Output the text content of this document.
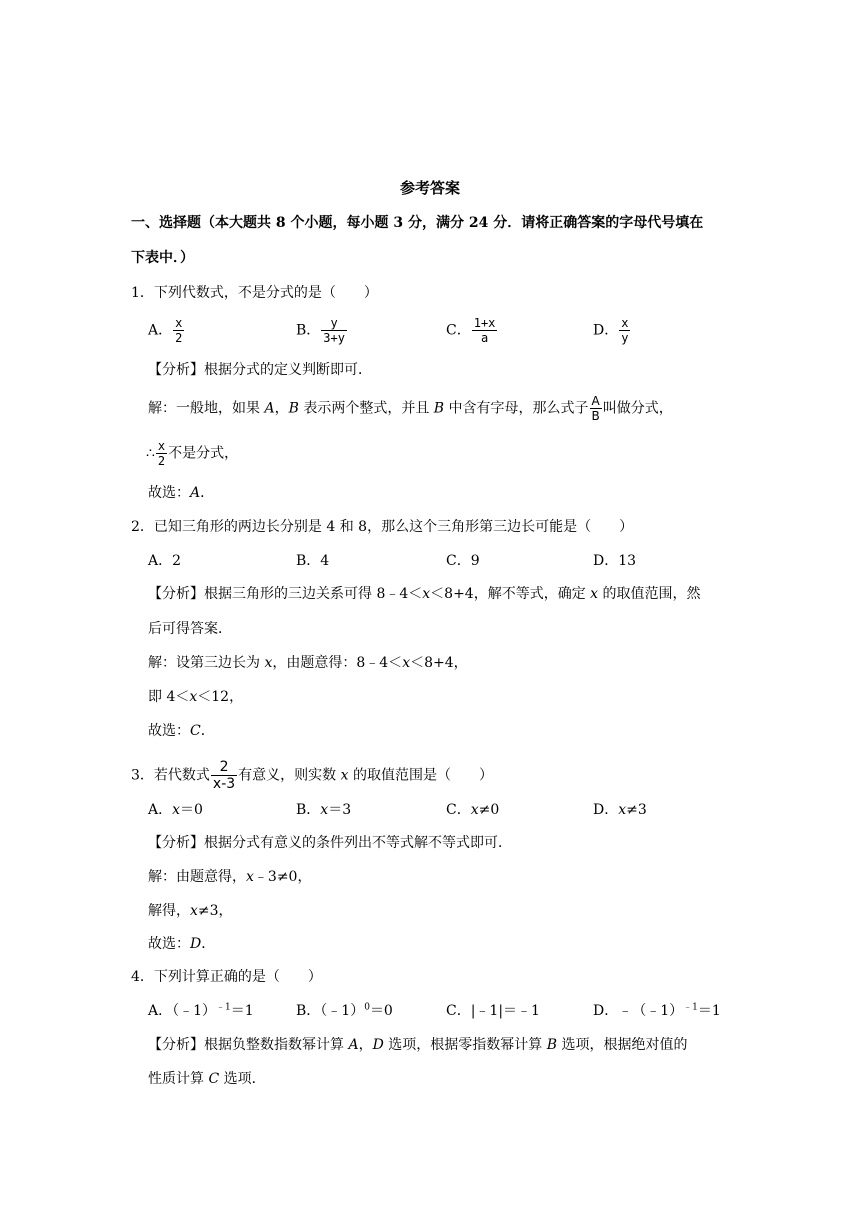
参考答案
一、选择题（本大题共 8 个小题，每小题 3 分，满分 24 分．请将正确答案的字母代号填在
下表中．）
1．下列代数式，不是分式的是（　　）
A． $\frac{x}{2}$	B． $\frac{y}{3+y}$	C． $\frac{1+x}{a}$	D． $\frac{x}{y}$
【分析】根据分式的定义判断即可．
解：一般地，如果 A，B 表示两个整式，并且 B 中含有字母，那么式子 $\frac{A}{B}$ 叫做分式，
∴ $\frac{x}{2}$ 不是分式，
故选：A．
2．已知三角形的两边长分别是 4 和 8，那么这个三角形第三边长可能是（　　）
A．2	B．4	C．9	D．13
【分析】根据三角形的三边关系可得 8﹣4＜x＜8+4，解不等式，确定 x 的取值范围，然
后可得答案．
解：设第三边长为 x，由题意得：8﹣4＜x＜8+4，
即 4＜x＜12，
故选：C．
3．若代数式 $\frac{2}{x-3}$ 有意义，则实数 x 的取值范围是（　　）
A．x＝0	B．x＝3	C．x≠0	D．x≠3
【分析】根据分式有意义的条件列出不等式解不等式即可．
解：由题意得，x﹣3≠0，
解得，x≠3，
故选：D．
4．下列计算正确的是（　　）
A．（﹣1）$^{﹣1}$＝1	B．（﹣1）$^0$＝0	C．|﹣1|＝﹣1	D．﹣（﹣1）$^{﹣1}$＝1
【分析】根据负整数指数幂计算 A，D 选项，根据零指数幂计算 B 选项，根据绝对值的
性质计算 C 选项．
